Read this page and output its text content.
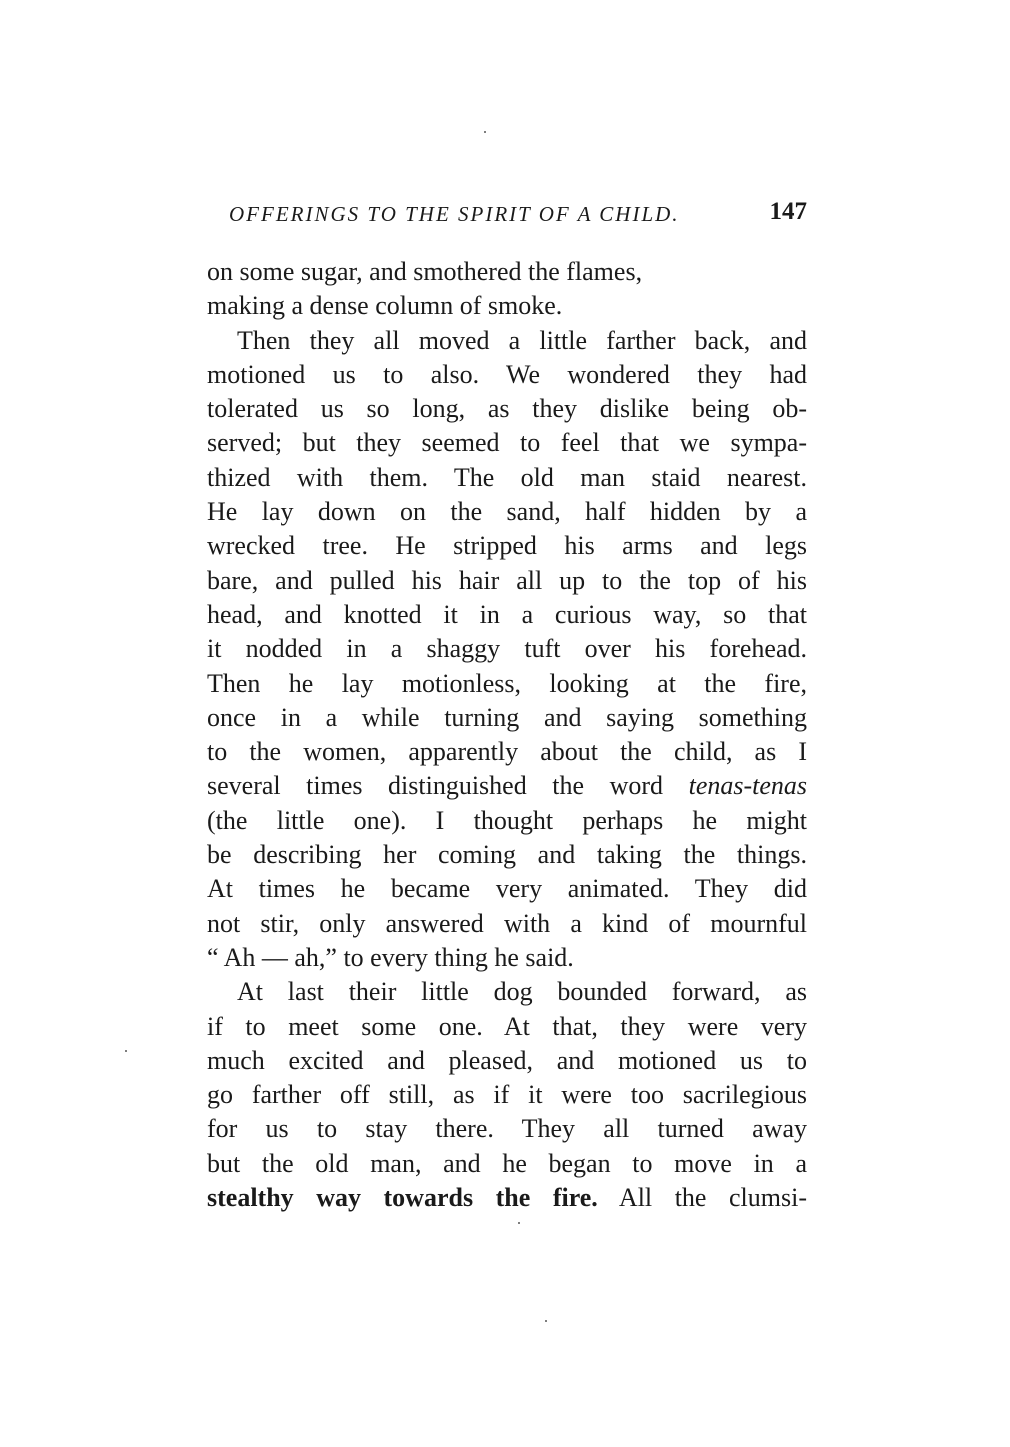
OFFERINGS TO THE SPIRIT OF A CHILD.	147
on some sugar, and smothered the flames,
making a dense column of smoke.
Then they all moved a little farther back, and
motioned us to also. We wondered they had
tolerated us so long, as they dislike being ob-
served; but they seemed to feel that we sympa-
thized with them. The old man staid nearest.
He lay down on the sand, half hidden by a
wrecked tree. He stripped his arms and legs
bare, and pulled his hair all up to the top of his
head, and knotted it in a curious way, so that
it nodded in a shaggy tuft over his forehead.
Then he lay motionless, looking at the fire,
once in a while turning and saying something
to the women, apparently about the child, as I
several times distinguished the word tenas-tenas
(the little one). I thought perhaps he might
be describing her coming and taking the things.
At times he became very animated. They did
not stir, only answered with a kind of mournful
“ Ah — ah,” to every thing he said.
At last their little dog bounded forward, as
if to meet some one. At that, they were very
much excited and pleased, and motioned us to
go farther off still, as if it were too sacrilegious
for us to stay there. They all turned away
but the old man, and he began to move in a
stealthy way towards the fire. All the clumsi-
